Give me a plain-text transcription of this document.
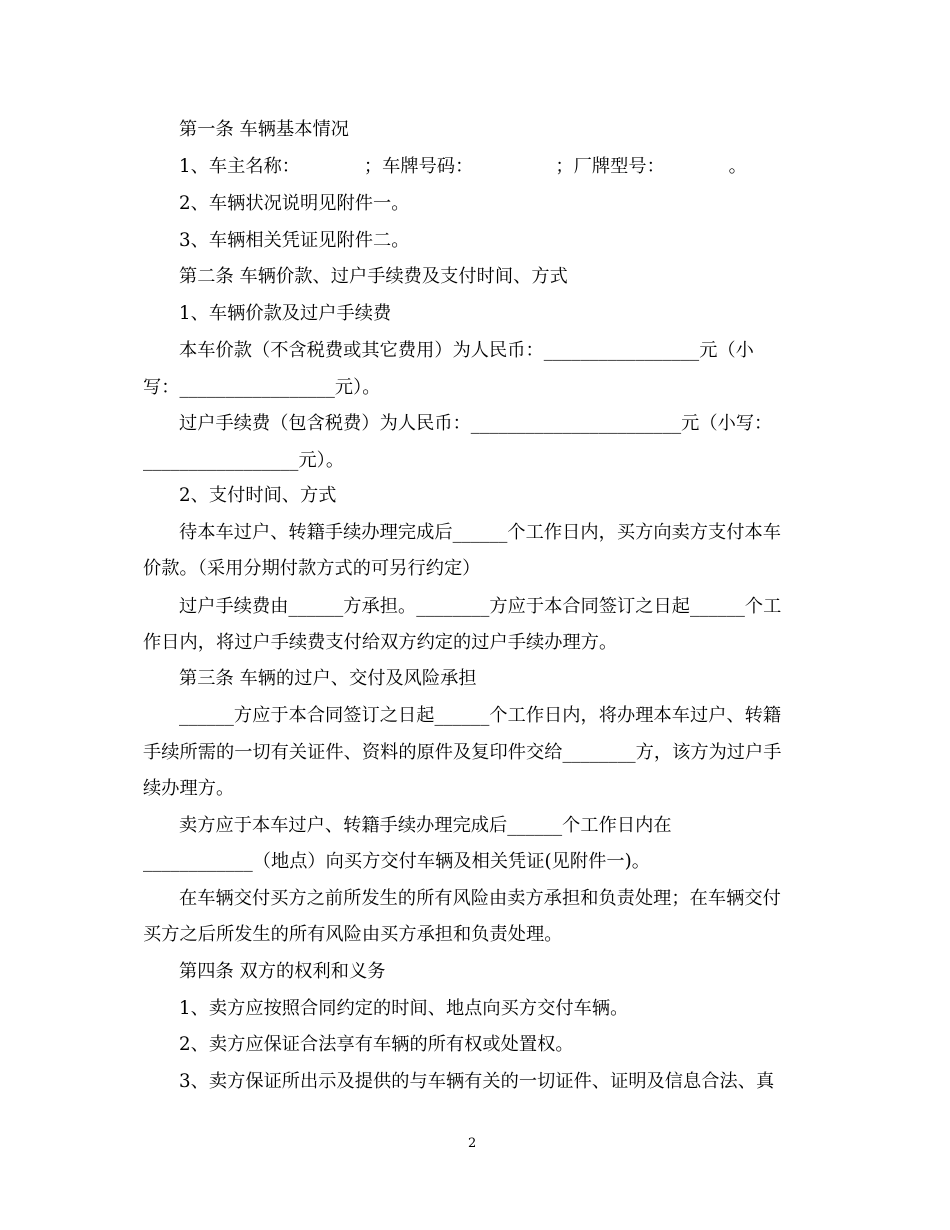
第一条 车辆基本情况
1、车主名称：　　　　；车牌号码：　　　　　；厂牌型号：　　　　。
2、车辆状况说明见附件一。
3、车辆相关凭证见附件二。
第二条 车辆价款、过户手续费及支付时间、方式
1、车辆价款及过户手续费
本车价款（不含税费或其它费用）为人民币：_________________元（小
写：_________________元）。
过户手续费（包含税费）为人民币：_______________________元（小写：
_________________元）。
2、支付时间、方式
待本车过户、转籍手续办理完成后______个工作日内，买方向卖方支付本车
价款。（采用分期付款方式的可另行约定）
过户手续费由______方承担。________方应于本合同签订之日起______个工
作日内，将过户手续费支付给双方约定的过户手续办理方。
第三条 车辆的过户、交付及风险承担
______方应于本合同签订之日起______个工作日内，将办理本车过户、转籍
手续所需的一切有关证件、资料的原件及复印件交给________方，该方为过户手
续办理方。
卖方应于本车过户、转籍手续办理完成后______个工作日内在
____________（地点）向买方交付车辆及相关凭证(见附件一)。
在车辆交付买方之前所发生的所有风险由卖方承担和负责处理；在车辆交付
买方之后所发生的所有风险由买方承担和负责处理。
第四条 双方的权利和义务
1、卖方应按照合同约定的时间、地点向买方交付车辆。
2、卖方应保证合法享有车辆的所有权或处置权。
3、卖方保证所出示及提供的与车辆有关的一切证件、证明及信息合法、真
2
